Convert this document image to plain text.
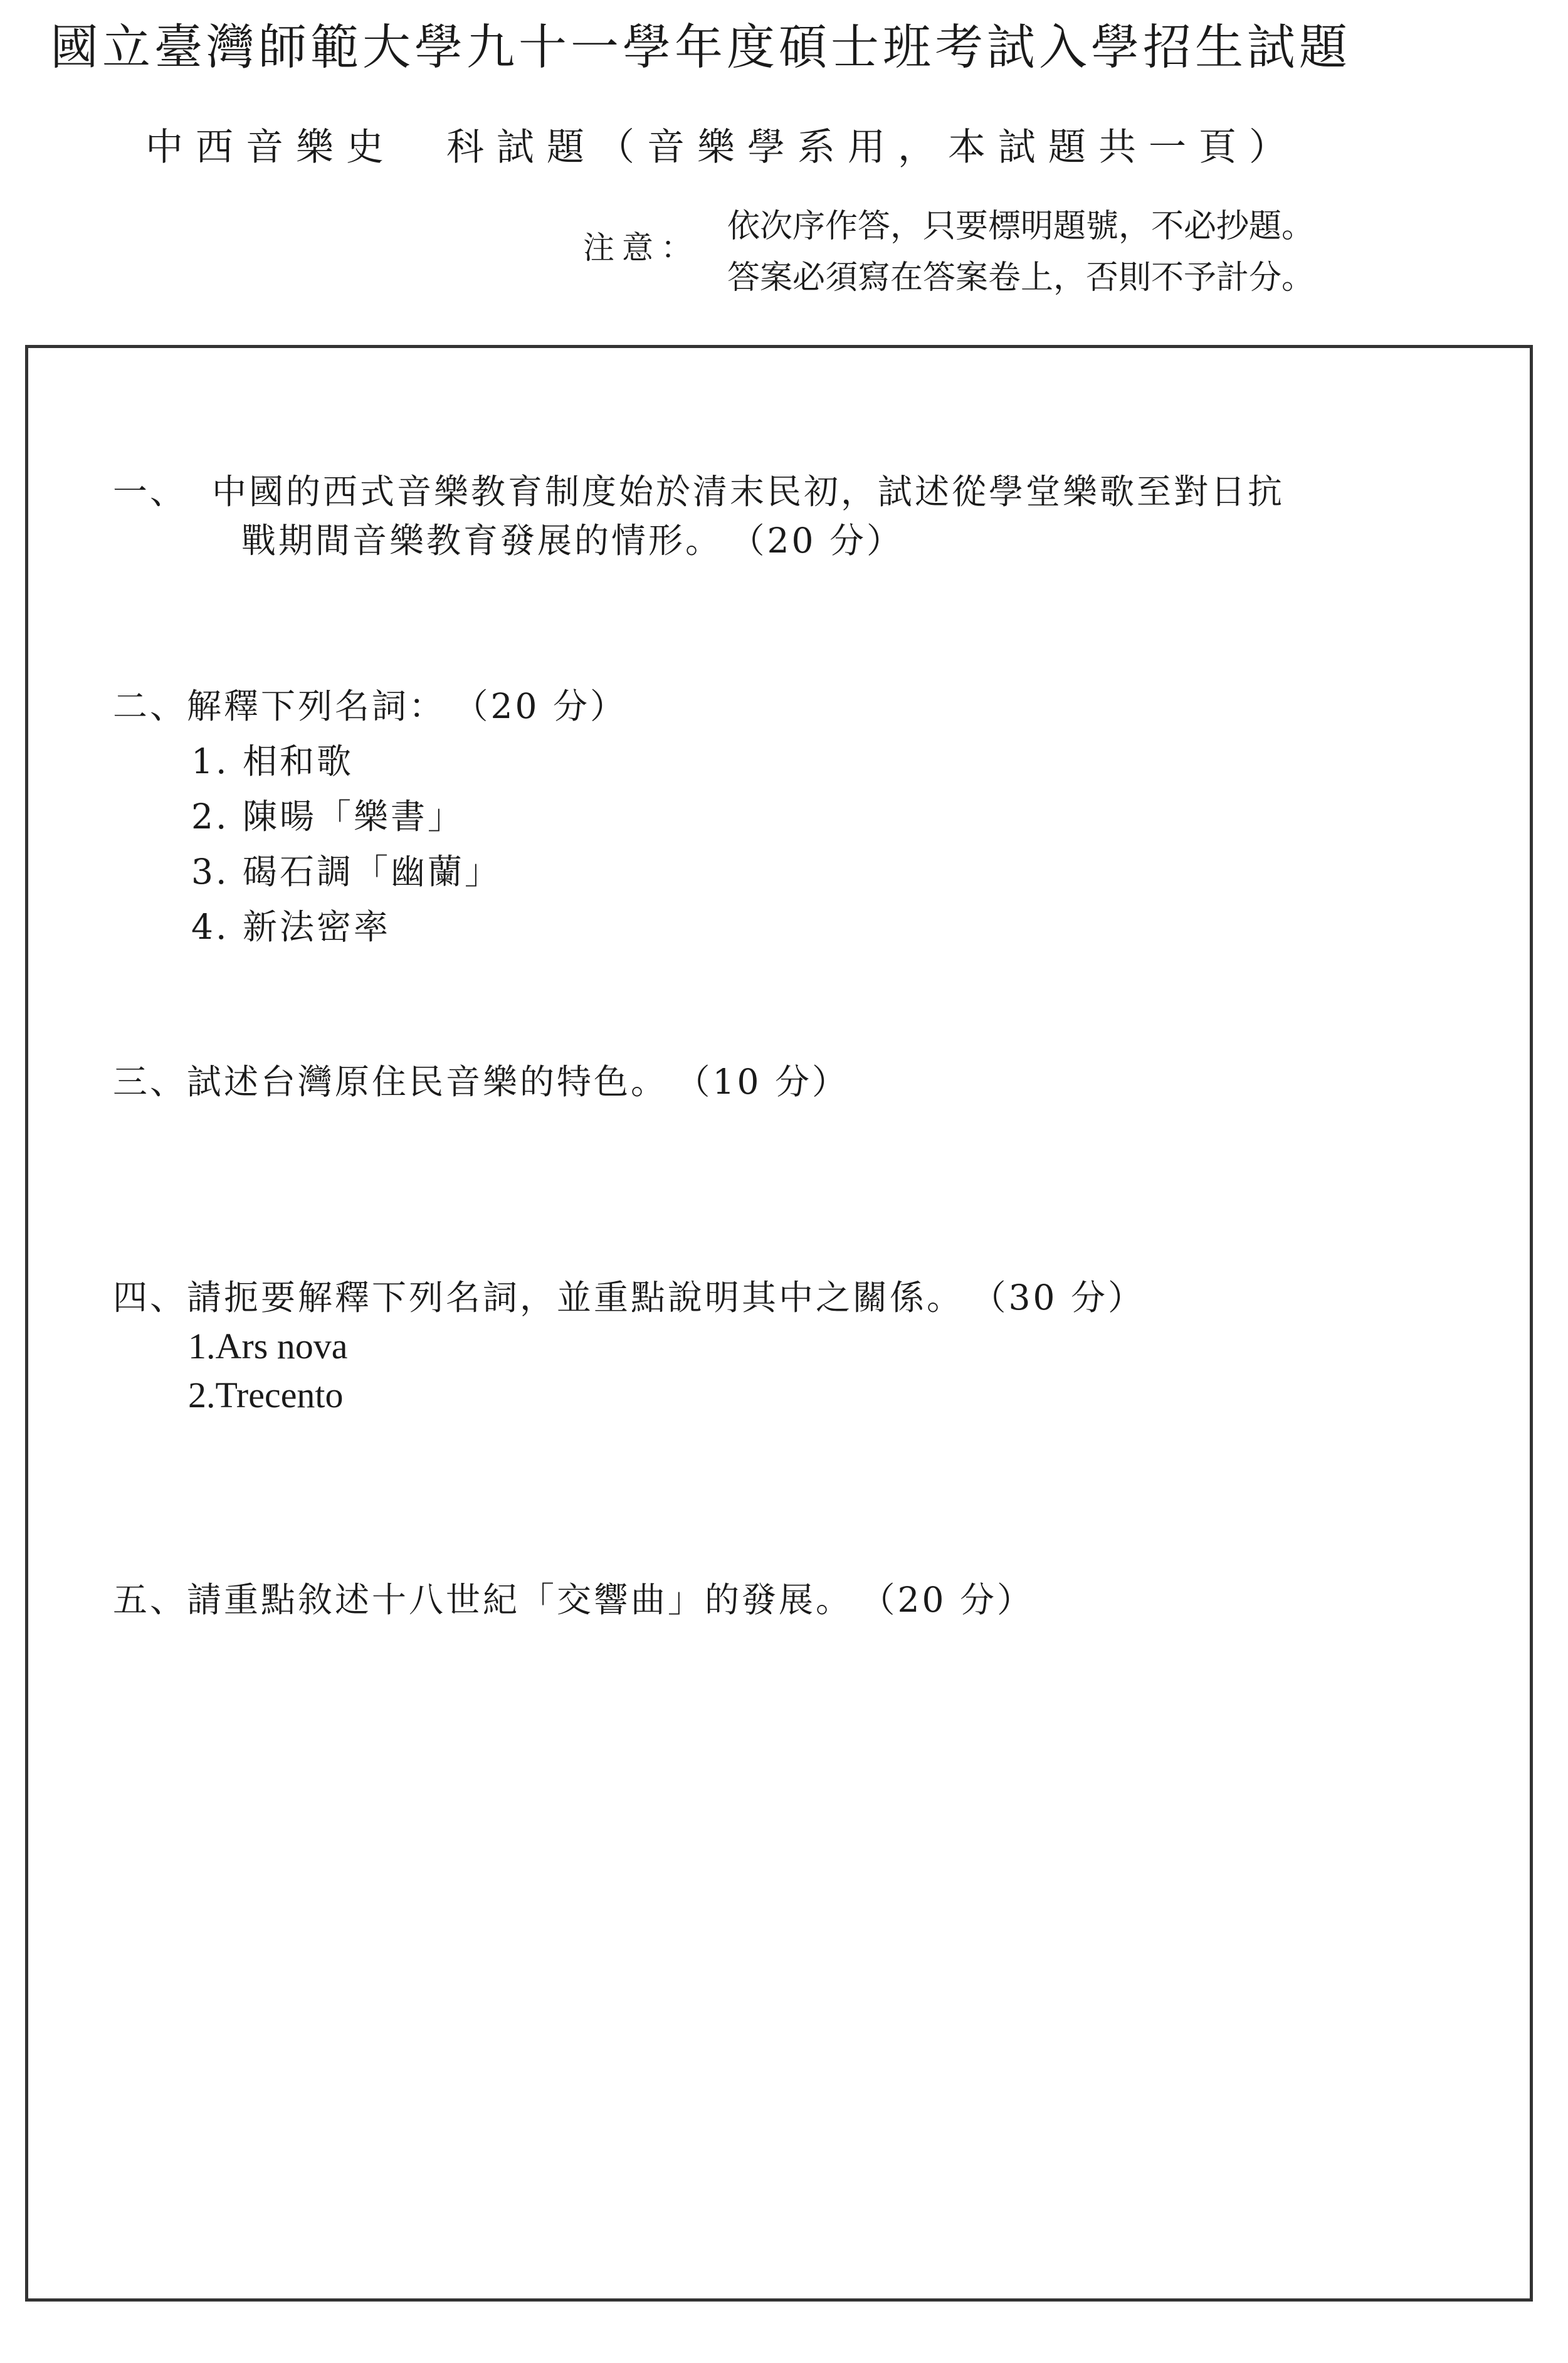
國立臺灣師範大學九十一學年度碩士班考試入學招生試題
中西音樂史 科試題（音樂學系用，本試題共一頁）
注意：
依次序作答，只要標明題號，不必抄題。
答案必須寫在答案卷上，否則不予計分。
一、 中國的西式音樂教育制度始於清末民初，試述從學堂樂歌至對日抗
戰期間音樂教育發展的情形。 （20 分）
二、解釋下列名詞： （20 分）
1. 相和歌
2. 陳暘「樂書」
3. 碣石調「幽蘭」
4. 新法密率
三、試述台灣原住民音樂的特色。 （10 分）
四、請扼要解釋下列名詞，並重點說明其中之關係。 （30 分）
1.Ars nova
2.Trecento
五、請重點敘述十八世紀「交響曲」的發展。 （20 分）
